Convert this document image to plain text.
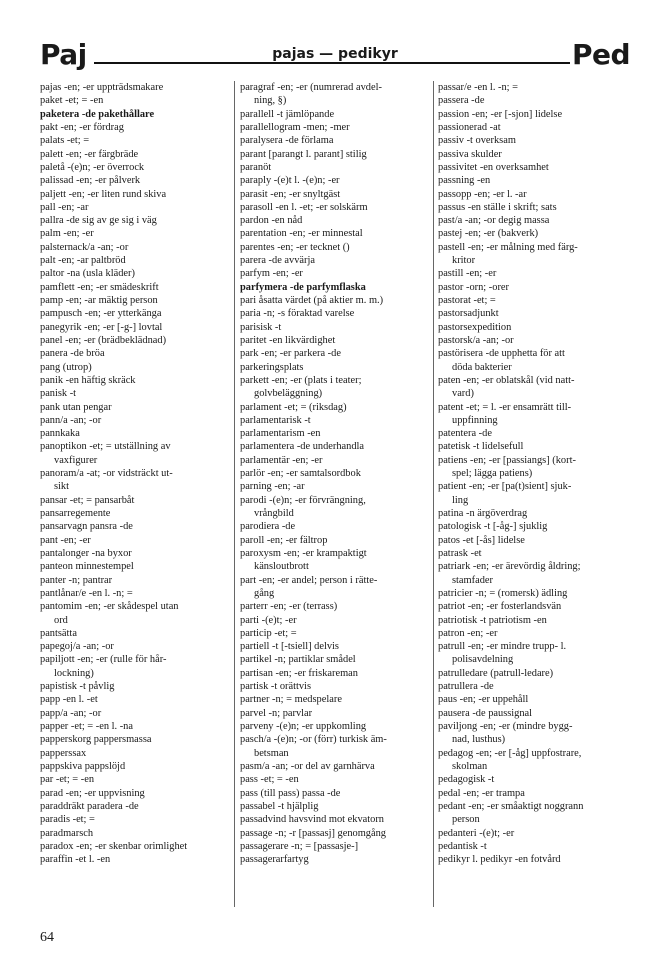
Paj	pajas — pedikyr	Ped
pajas -en; -er uppträdsmakare
paket -et; = -en
paketera -de pakethållare
pakt -en; -er fördrag
palats -et; =
palett -en; -er färgbräde
paletå -(e)n; -er överrock
palissad -en; -er pålverk
paljett -en; -er liten rund skiva
pall -en; -ar
pallra -de sig av ge sig i väg
palm -en; -er
palsternack/a -an; -or
palt -en; -ar paltbröd
paltor -na (usla kläder)
pamflett -en; -er smädeskrift
pamp -en; -ar mäktig person
pampusch -en; -er ytterkänga
panegyrik -en; -er [-g-] lovtal
panel -en; -er (brädbeklädnad)
panera -de bröa
pang (utrop)
panik -en häftig skräck
panisk -t
pank utan pengar
pann/a -an; -or
pannkaka
panoptikon -et; = utställning av
vaxfigurer
panoram/a -at; -or vidsträckt ut-
sikt
pansar -et; = pansarbåt
pansarregemente
pansarvagn pansra -de
pant -en; -er
pantalonger -na byxor
panteon minnestempel
panter -n; pantrar
pantlånar/e -en l. -n; =
pantomim -en; -er skådespel utan
ord
pantsätta
papegoj/a -an; -or
papiljott -en; -er (rulle för hår-
lockning)
papistisk -t påvlig
papp -en l. -et
papp/a -an; -or
papper -et; = -en l. -na
papperskorg pappersmassa
papperssax
pappskiva pappslöjd
par -et; = -en
parad -en; -er uppvisning
paraddräkt paradera -de
paradis -et; =
paradmarsch
paradox -en; -er skenbar orimlighet
paraffin -et l. -en
paragraf -en; -er (numrerad avdel-
ning, §)
parallell -t jämlöpande
parallellogram -men; -mer
paralysera -de förlama
parant [parangt l. parant] stilig
paranöt
paraply -(e)t l. -(e)n; -er
parasit -en; -er snyltgäst
parasoll -en l. -et; -er solskärm
pardon -en nåd
parentation -en; -er minnestal
parentes -en; -er tecknet ()
parera -de avvärja
parfym -en; -er
parfymera -de parfymflaska
pari åsatta värdet (på aktier m. m.)
paria -n; -s föraktad varelse
parisisk -t
paritet -en likvärdighet
park -en; -er parkera -de
parkeringsplats
parkett -en; -er (plats i teater;
golvbeläggning)
parlament -et; = (riksdag)
parlamentarisk -t
parlamentarism -en
parlamentera -de underhandla
parlamentär -en; -er
parlör -en; -er samtalsordbok
parning -en; -ar
parodi -(e)n; -er förvrängning,
vrångbild
parodiera -de
paroll -en; -er fältrop
paroxysm -en; -er krampaktigt
känsloutbrott
part -en; -er andel; person i rätte-
gång
parterr -en; -er (terrass)
parti -(e)t; -er
particip -et; =
partiell -t [-tsiell] delvis
partikel -n; partiklar smådel
partisan -en; -er friskareman
partisk -t orättvis
partner -n; = medspelare
parvel -n; parvlar
parveny -(e)n; -er uppkomling
pasch/a -(e)n; -or (förr) turkisk äm-
betsman
pasm/a -an; -or del av garnhärva
pass -et; = -en
pass (till pass) passa -de
passabel -t hjälplig
passadvind havsvind mot ekvatorn
passage -n; -r [passasj] genomgång
passagerare -n; = [passasje-]
passagerarfartyg
passar/e -en l. -n; =
passera -de
passion -en; -er [-sjon] lidelse
passionerad -at
passiv -t overksam
passiva skulder
passivitet -en overksamhet
passning -en
passopp -en; -er l. -ar
passus -en ställe i skrift; sats
past/a -an; -or degig massa
pastej -en; -er (bakverk)
pastell -en; -er målning med färg-
kritor
pastill -en; -er
pastor -orn; -orer
pastorat -et; =
pastorsadjunkt
pastorsexpedition
pastorsk/a -an; -or
pastörisera -de upphetta för att
döda bakterier
paten -en; -er oblatskål (vid natt-
vard)
patent -et; = l. -er ensamrätt till-
uppfinning
patentera -de
patetisk -t lidelsefull
patiens -en; -er [passiangs] (kort-
spel; lägga patiens)
patient -en; -er [pa(t)sient] sjuk-
ling
patina -n ärgöverdrag
patologisk -t [-åg-] sjuklig
patos -et [-ås] lidelse
patrask -et
patriark -en; -er ärevördig åldring;
stamfader
patricier -n; = (romersk) ädling
patriot -en; -er fosterlandsvän
patriotisk -t patriotism -en
patron -en; -er
patrull -en; -er mindre trupp- l.
polisavdelning
patrulledare (patrull-ledare)
patrullera -de
paus -en; -er uppehåll
pausera -de paussignal
paviljong -en; -er (mindre bygg-
nad, lusthus)
pedagog -en; -er [-åg] uppfostrare,
skolman
pedagogisk -t
pedal -en; -er trampa
pedant -en; -er småaktigt noggrann
person
pedanteri -(e)t; -er
pedantisk -t
pedikyr l. pedikyr -en fotvård
64
